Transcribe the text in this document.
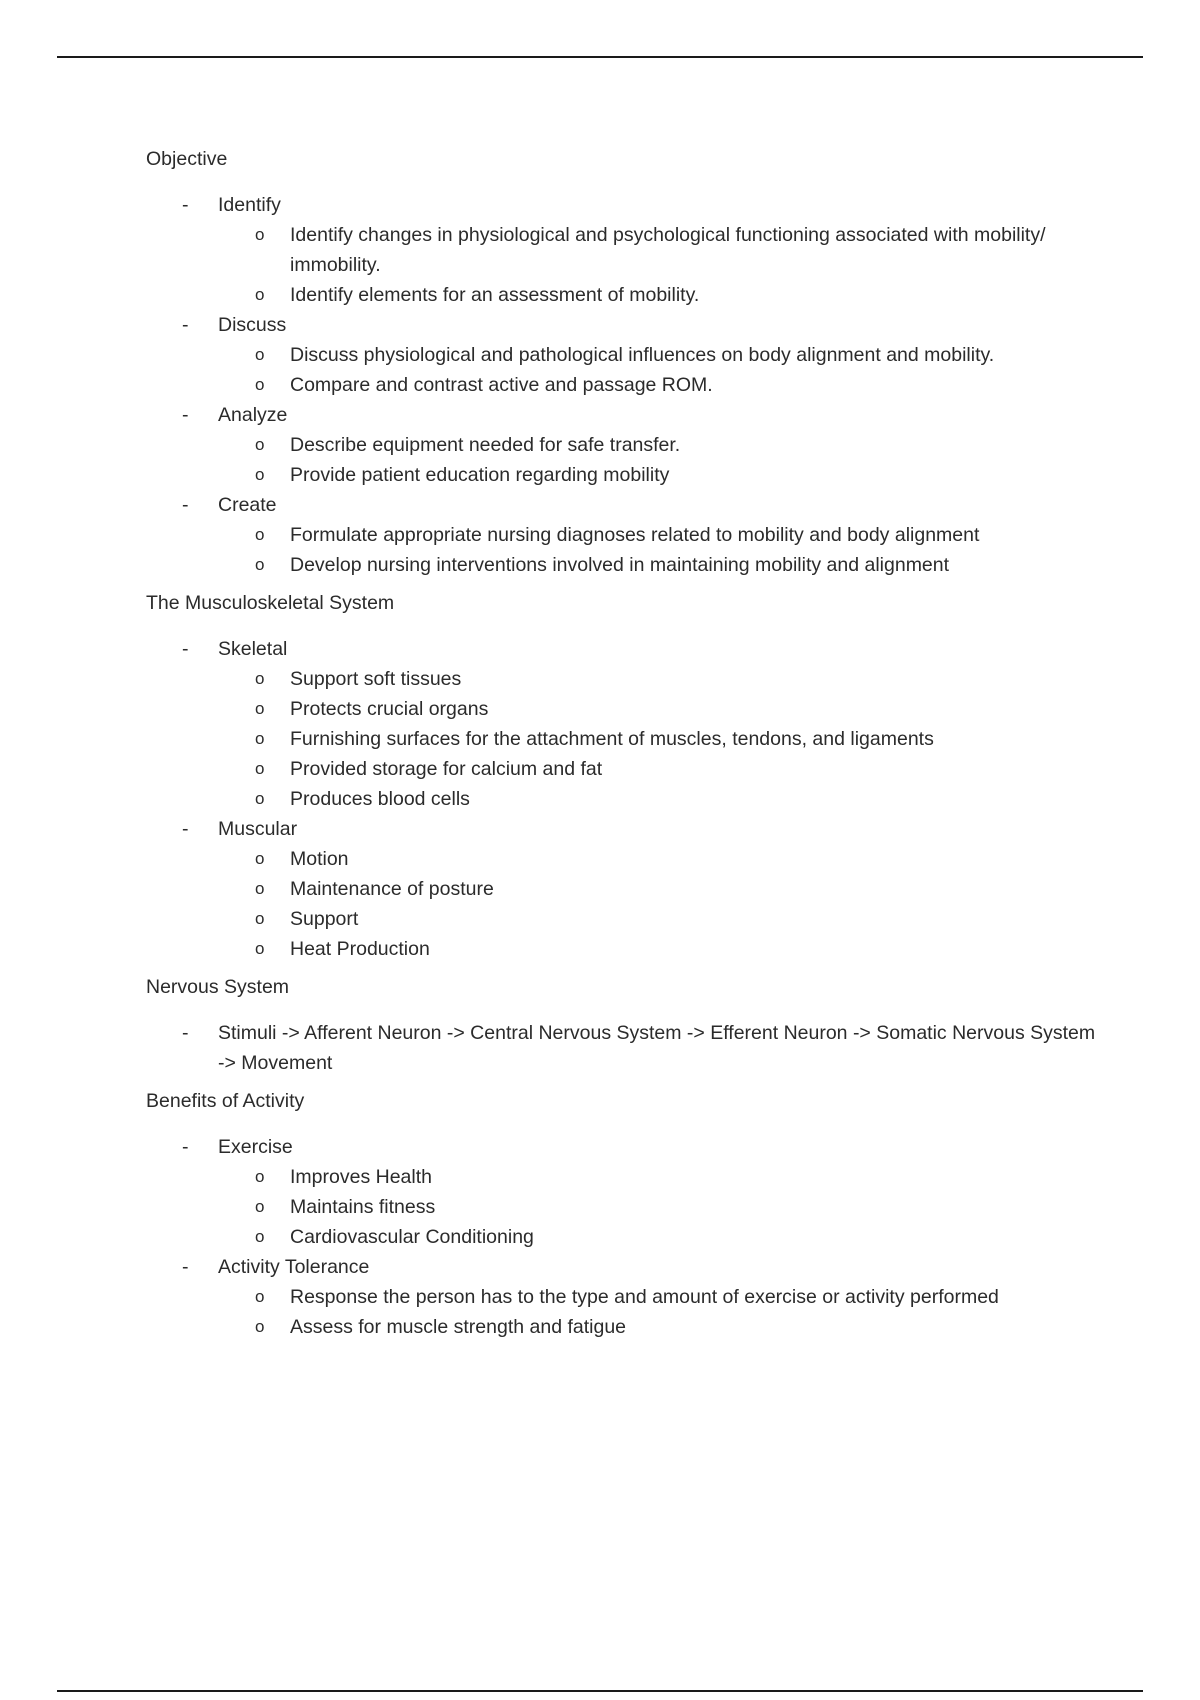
Objective
- Identify
o Identify changes in physiological and psychological functioning associated with mobility/ immobility.
o Identify elements for an assessment of mobility.
- Discuss
o Discuss physiological and pathological influences on body alignment and mobility.
o Compare and contrast active and passage ROM.
- Analyze
o Describe equipment needed for safe transfer.
o Provide patient education regarding mobility
- Create
o Formulate appropriate nursing diagnoses related to mobility and body alignment
o Develop nursing interventions involved in maintaining mobility and alignment
The Musculoskeletal System
- Skeletal
o Support soft tissues
o Protects crucial organs
o Furnishing surfaces for the attachment of muscles, tendons, and ligaments
o Provided storage for calcium and fat
o Produces blood cells
- Muscular
o Motion
o Maintenance of posture
o Support
o Heat Production
Nervous System
- Stimuli -> Afferent Neuron -> Central Nervous System -> Efferent Neuron -> Somatic Nervous System -> Movement
Benefits of Activity
- Exercise
o Improves Health
o Maintains fitness
o Cardiovascular Conditioning
- Activity Tolerance
o Response the person has to the type and amount of exercise or activity performed
o Assess for muscle strength and fatigue
